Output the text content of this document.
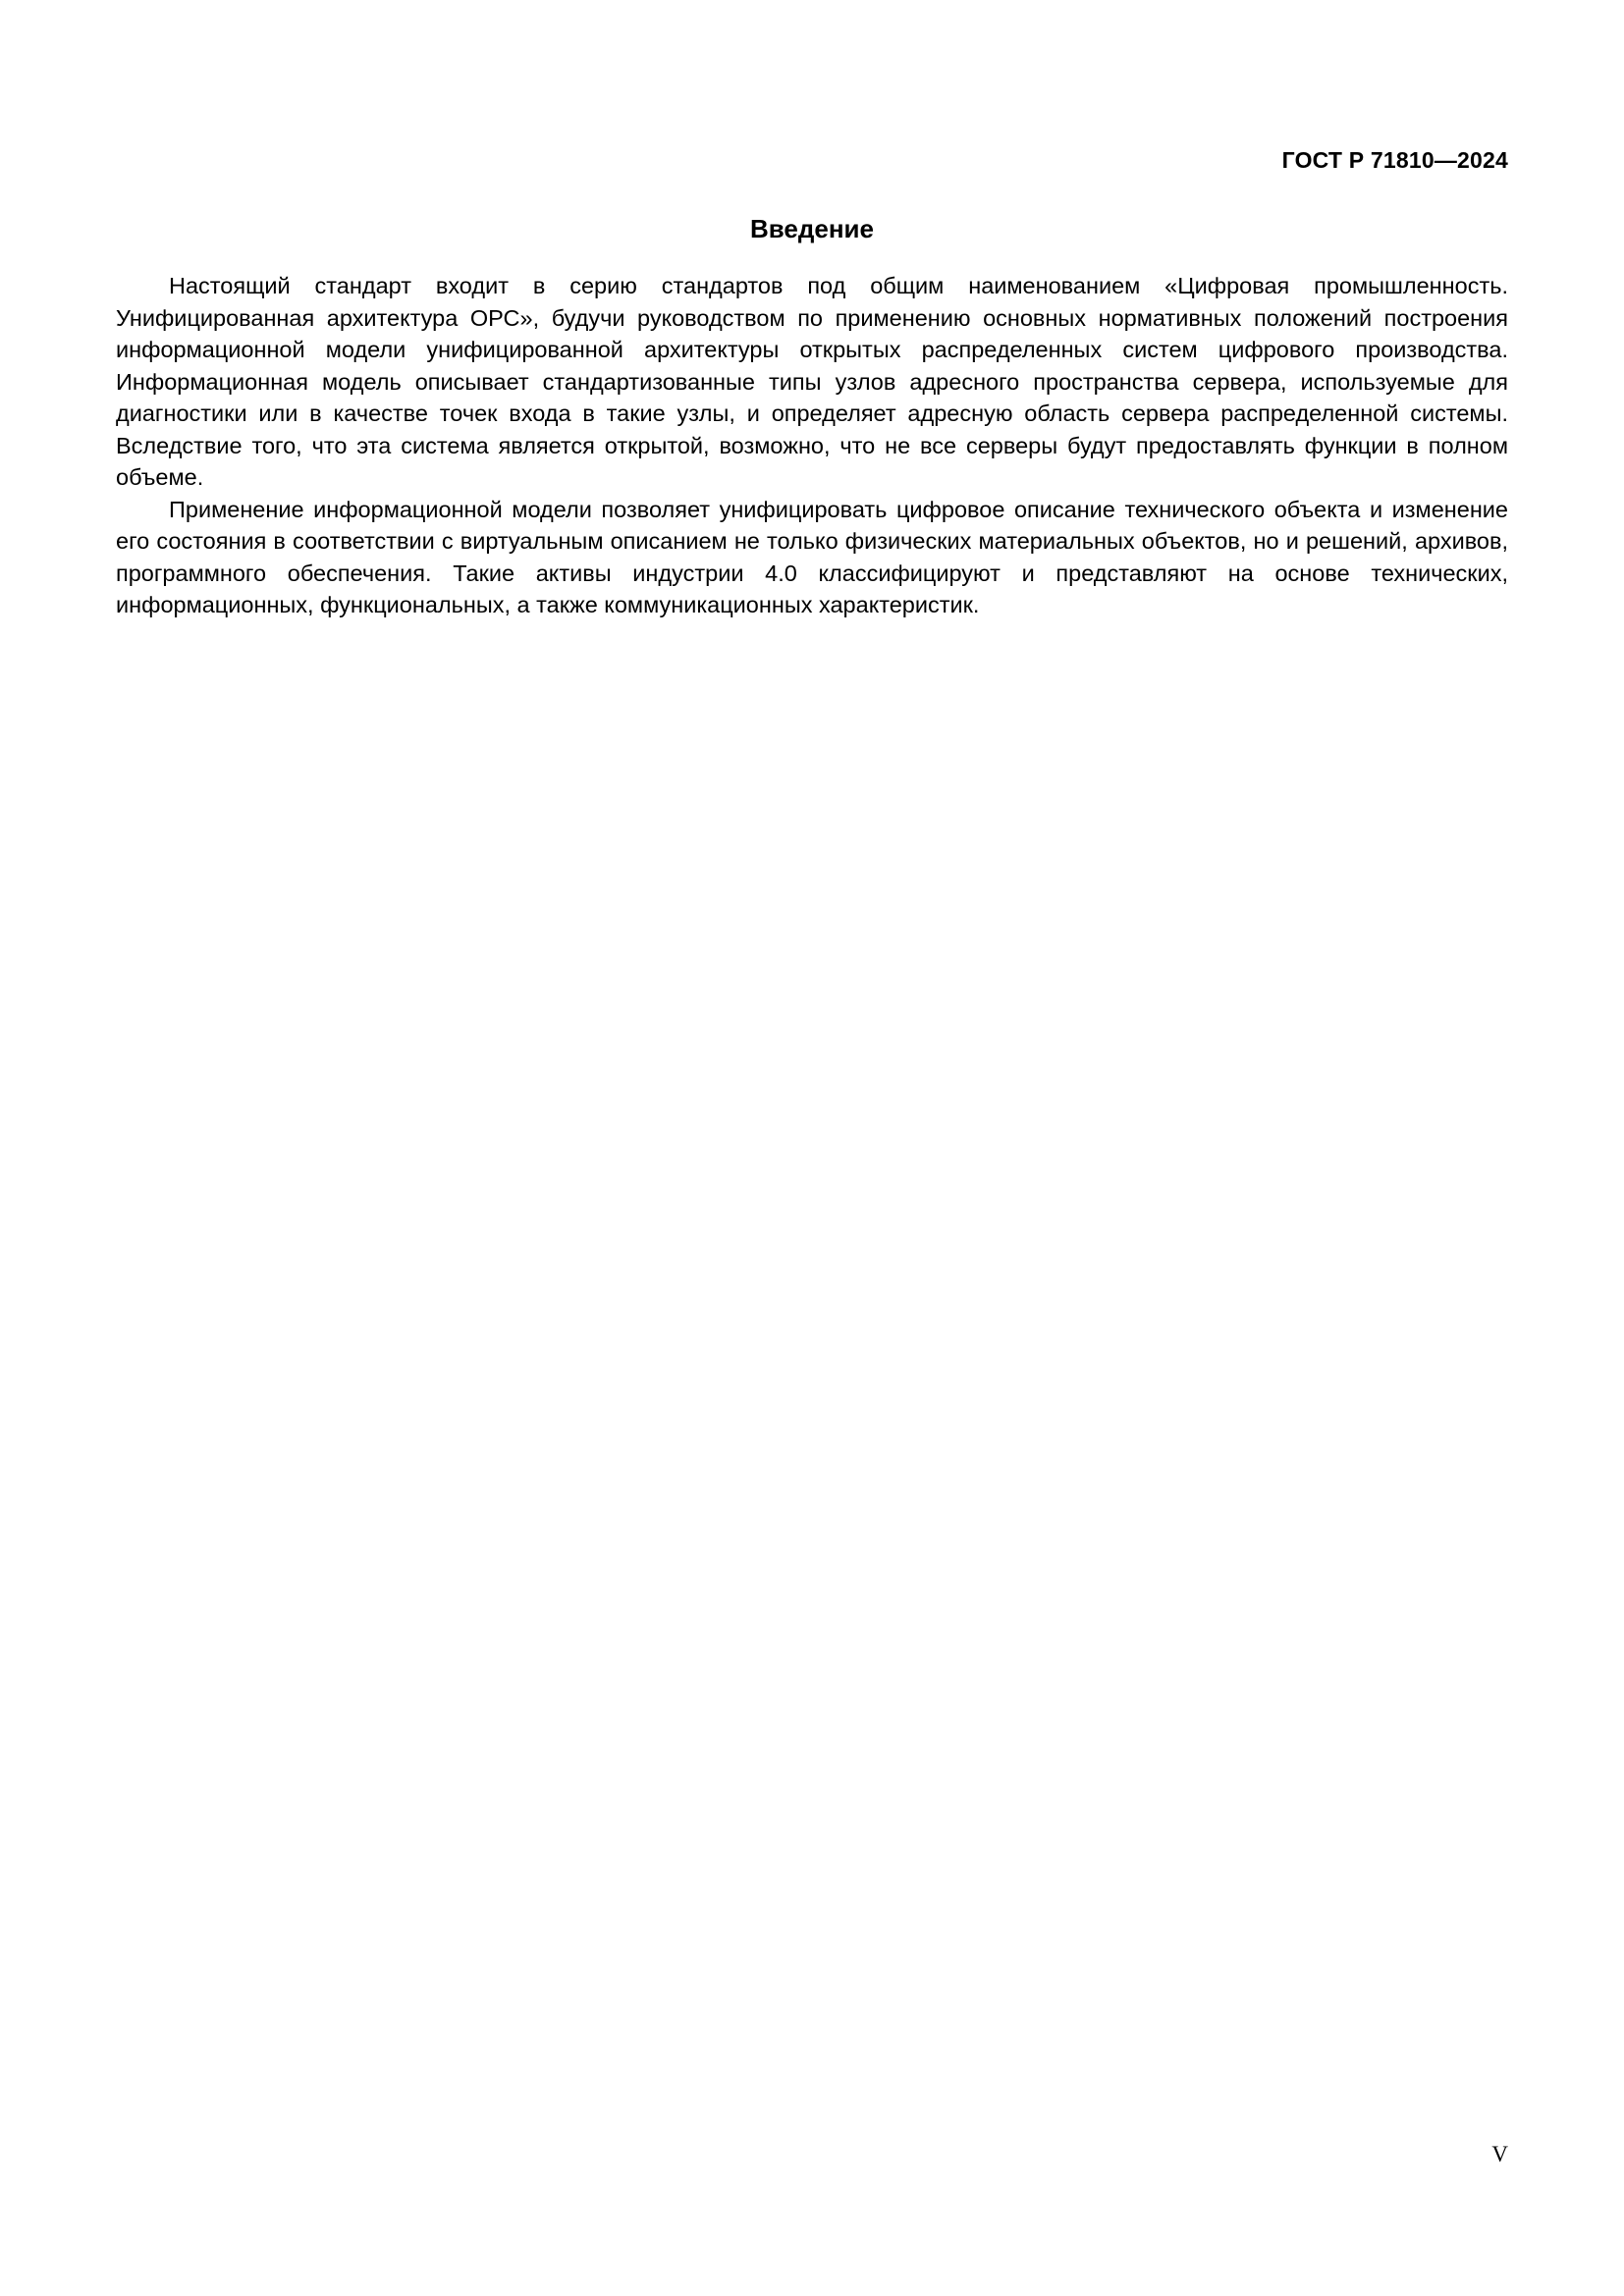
ГОСТ Р 71810—2024
Введение

Настоящий стандарт входит в серию стандартов под общим наименованием «Цифровая промышленность. Унифицированная архитектура ОРС», будучи руководством по применению основных нормативных положений построения информационной модели унифицированной архитектуры открытых распределенных систем цифрового производства. Информационная модель описывает стандартизованные типы узлов адресного пространства сервера, используемые для диагностики или в качестве точек входа в такие узлы, и определяет адресную область сервера распределенной системы. Вследствие того, что эта система является открытой, возможно, что не все серверы будут предоставлять функции в полном объеме.

Применение информационной модели позволяет унифицировать цифровое описание технического объекта и изменение его состояния в соответствии с виртуальным описанием не только физических материальных объектов, но и решений, архивов, программного обеспечения. Такие активы индустрии 4.0 классифицируют и представляют на основе технических, информационных, функциональных, а также коммуникационных характеристик.

V
